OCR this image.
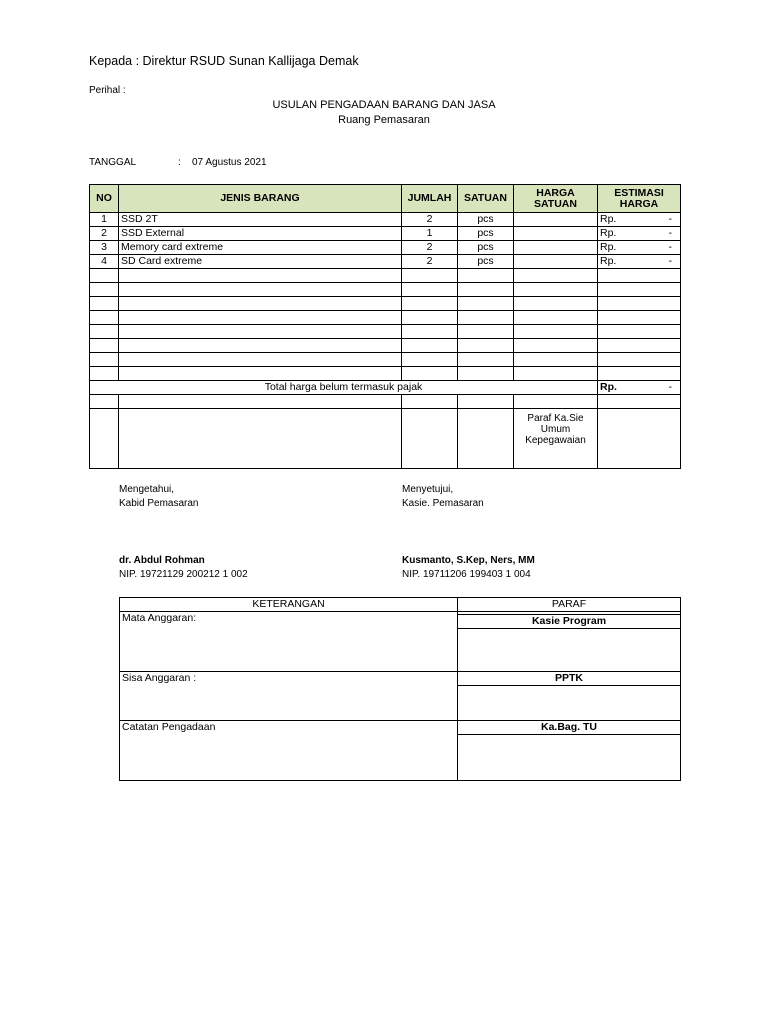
Kepada : Direktur RSUD Sunan Kallijaga Demak
Perihal :
USULAN PENGADAAN BARANG DAN JASA
Ruang Pemasaran
TANGGAL	: 07 Agustus 2021
NO	JENIS BARANG	JUMLAH	SATUAN	HARGA SATUAN	ESTIMASI HARGA
1	SSD 2T	2	pcs		Rp. -

2	SSD External	1	pcs		Rp. -

3	Memory card extreme	2	pcs		Rp. -

4	SD Card extreme	2	pcs		Rp. -

Total harga belum termasuk pajak					Rp. -

				Paraf Ka.Sie Umum Kepegawaian	
Mengetahui,
Kabid Pemasaran
dr. Abdul Rohman
NIP. 19721129 200212 1 002
Menyetujui,
Kasie. Pemasaran
Kusmanto, S.Kep, Ners, MM
NIP. 19711206 199403 1 004
KETERANGAN	PARAF
Mata Anggaran:	Kasie Program

Sisa Anggaran :	PPTK

Catatan Pengadaan	Ka.Bag. TU
